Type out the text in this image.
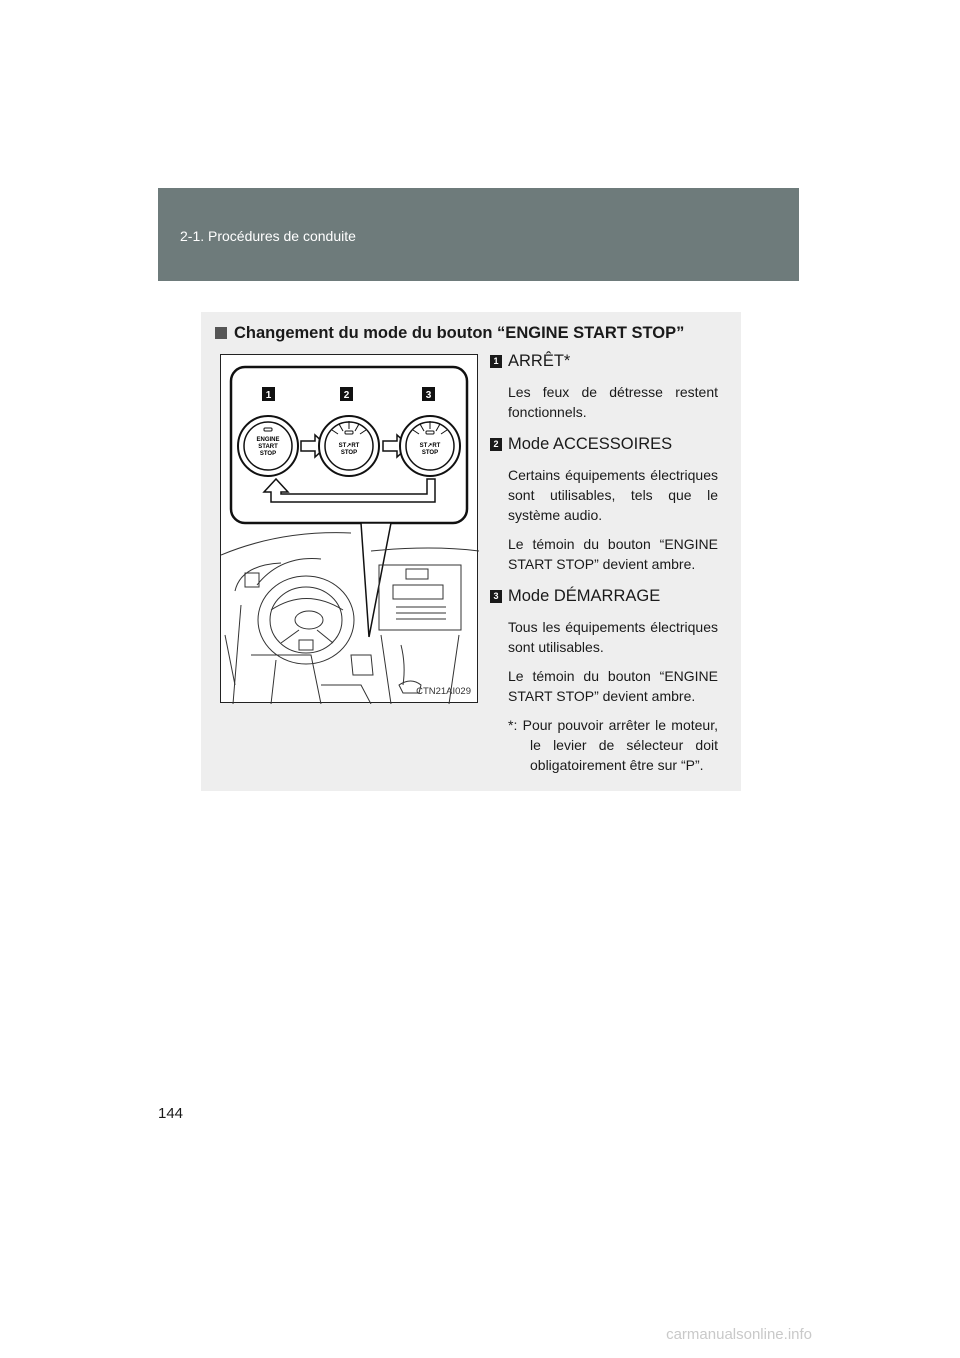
2-1. Procédures de conduite
Changement du mode du bouton “ENGINE START STOP”
1	2	3
ENGINE
START
STOP
ST↗RT
STOP
ST↗RT
STOP
CTN21AI029
1 ARRÊT*
Les feux de détresse restent fonctionnels.
2 Mode ACCESSOIRES
Certains équipements électriques sont utilisables, tels que le système audio.
Le témoin du bouton “ENGINE START STOP” devient ambre.
3 Mode DÉMARRAGE
Tous les équipements électriques sont utilisables.
Le témoin du bouton “ENGINE START STOP” devient ambre.
*: Pour pouvoir arrêter le moteur, le levier de sélecteur doit obligatoirement être sur “P”.
144
carmanualsonline.info
